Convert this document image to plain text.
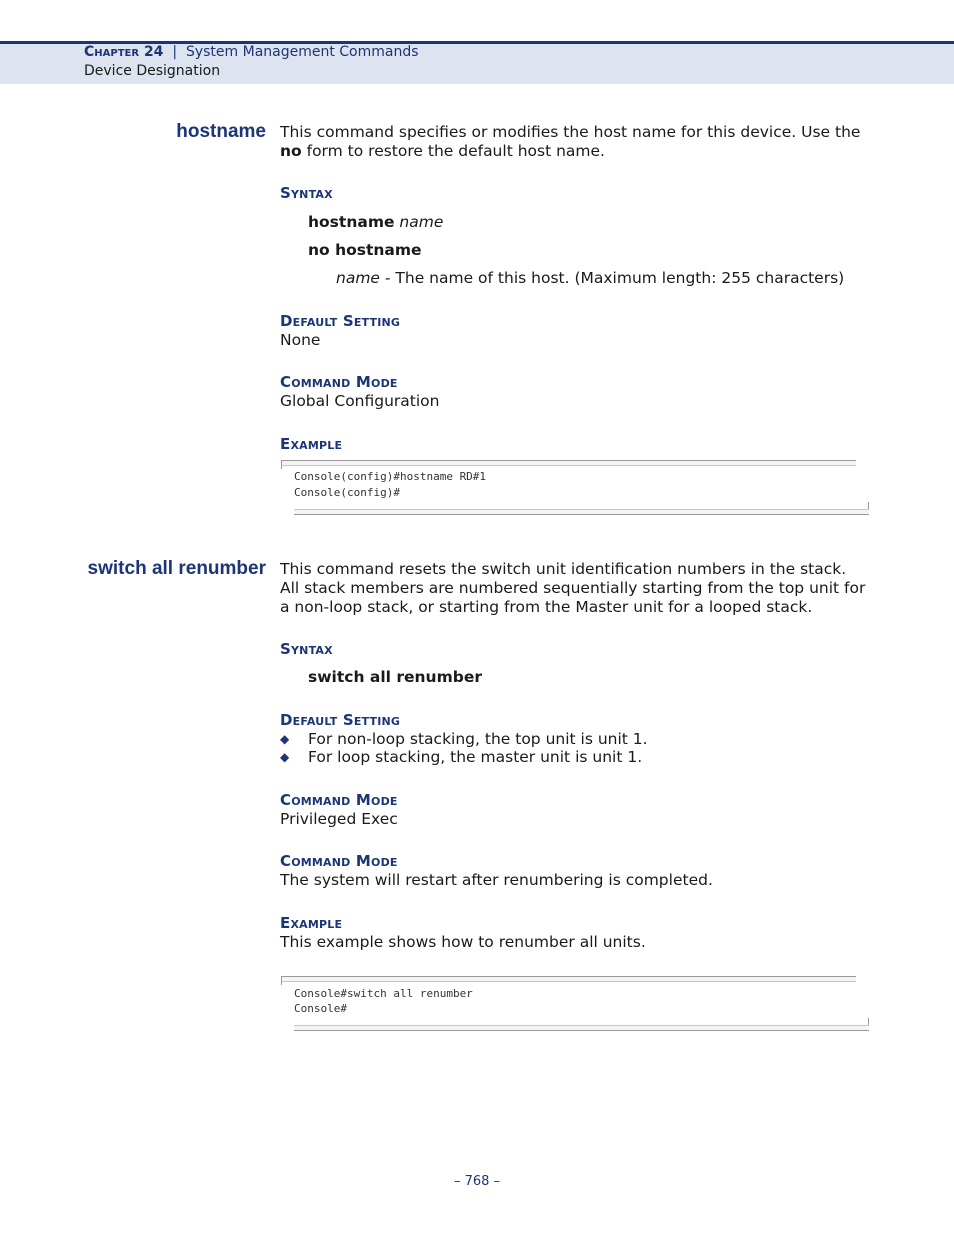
Chapter 24 | System Management Commands
Device Designation
hostname This command specifies or modifies the host name for this device. Use the
no form to restore the default host name.
Syntax
hostname name
no hostname
name - The name of this host. (Maximum length: 255 characters)
Default Setting
None
Command Mode
Global Configuration
Example
Console(config)#hostname RD#1
Console(config)#
switch all renumber This command resets the switch unit identification numbers in the stack.
All stack members are numbered sequentially starting from the top unit for
a non-loop stack, or starting from the Master unit for a looped stack.
Syntax
switch all renumber
Default Setting
◆ For non-loop stacking, the top unit is unit 1.
◆ For loop stacking, the master unit is unit 1.
Command Mode
Privileged Exec
Command Mode
The system will restart after renumbering is completed.
Example
This example shows how to renumber all units.
Console#switch all renumber
Console#
– 768 –
